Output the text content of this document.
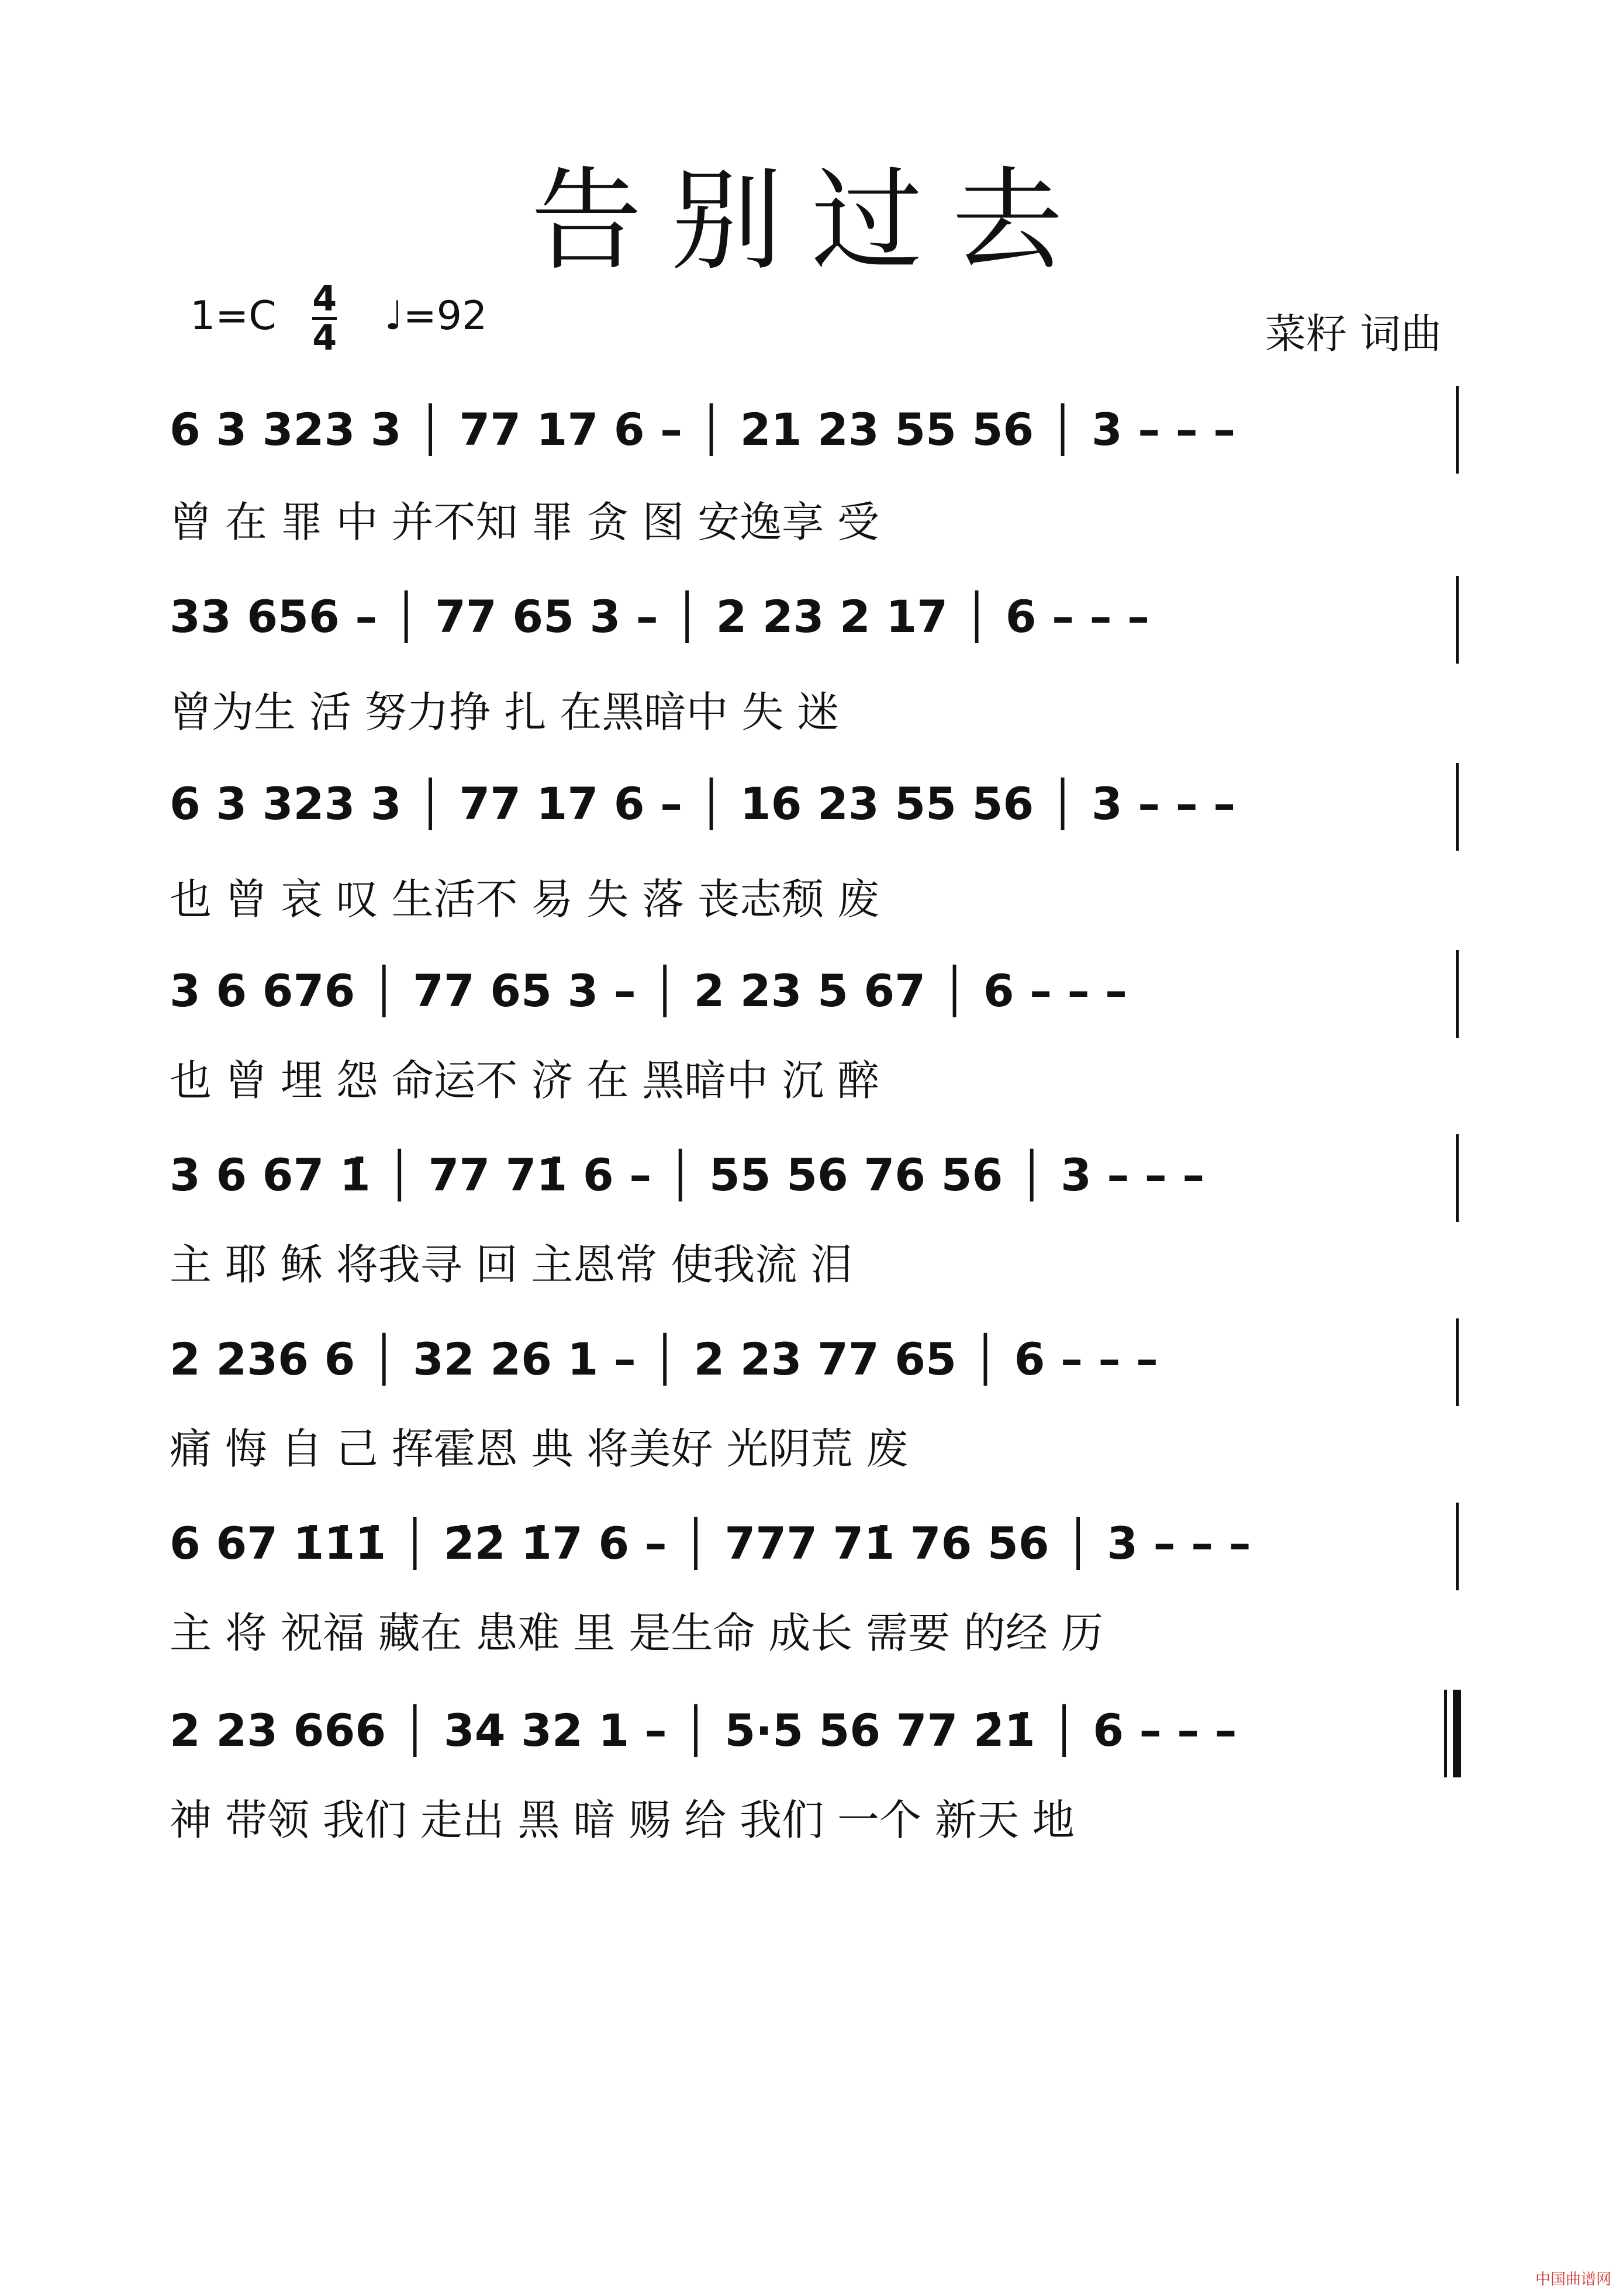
告别过去
$1=C \frac{4}{4}$ ♩=92	菜籽 词曲
6 3 323 3 │ 77 17 6 – │ 21 23 55 56 │ 3 – – –
曾 在 罪 中 并不知 罪 贪 图 安逸享 受
33 656 – │ 77 65 3 – │ 2 23 2 17 │ 6 – – –
曾为生 活 努力挣 扎 在黑暗中 失 迷
6 3 323 3 │ 77 17 6 – │ 16 23 55 56 │ 3 – – –
也 曾 哀 叹 生活不 易 失 落 丧志颓 废
3 6 676 │ 77 65 3 – │ 2 23 5 67 │ 6 – – –
也 曾 埋 怨 命运不 济 在 黑暗中 沉 醉
3 6 67 1̇ │ 77 71̇ 6 – │ 55 56 76 56 │ 3 – – –
主 耶 稣 将我寻 回 主恩常 使我流 泪
2 236 6 │ 32 26 1 – │ 2 23 77 65 │ 6 – – –
痛 悔 自 己 挥霍恩 典 将美好 光阴荒 废
6 67 1̇1̇1̇ │ 2̇2̇ 1̇7 6 – │ 777 71̇ 76 56 │ 3 – – –
主 将 祝福 藏在 患难 里 是生命 成长 需要 的经 历
2 23 666 │ 34 32 1 – │ 5·5 56 77 2̇1̇ │ 6 – – –
神 带领 我们 走出 黑 暗 赐 给 我们 一个 新天 地
中国曲谱网
